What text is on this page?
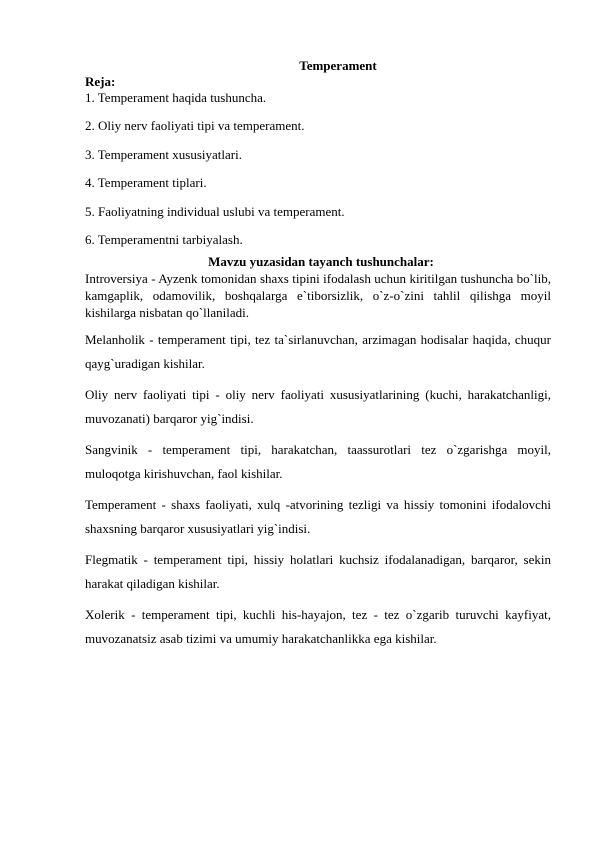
Temperament

Reja:

1. Temperament haqida tushuncha.
2. Oliy nerv faoliyati tipi va temperament.
3. Temperament xususiyatlari.
4. Temperament tiplari.
5. Faoliyatning individual uslubi va temperament.
6. Temperamentni tarbiyalash.
Mavzu yuzasidan tayanch tushunchalar:

Introversiya - Ayzenk tomonidan shaxs tipini ifodalash uchun kiritilgan tushuncha bo`lib, kamgaplik, odamovilik, boshqalarga e`tiborsizlik, o`z-o`zini tahlil qilishga moyil kishilarga nisbatan qo`llaniladi.

Melanholik - temperament tipi, tez ta`sirlanuvchan, arzimagan hodisalar haqida, chuqur qayg`uradigan kishilar.

Oliy nerv faoliyati tipi - oliy nerv faoliyati xususiyatlarining (kuchi, harakatchanligi, muvozanati) barqaror yig`indisi.

Sangvinik - temperament tipi, harakatchan, taassurotlari tez o`zgarishga moyil, muloqotga kirishuvchan, faol kishilar.

Temperament - shaxs faoliyati, xulq -atvorining tezligi va hissiy tomonini ifodalovchi shaxsning barqaror xususiyatlari yig`indisi.

Flegmatik - temperament tipi, hissiy holatlari kuchsiz ifodalanadigan, barqaror, sekin harakat qiladigan kishilar.

Xolerik - temperament tipi, kuchli his-hayajon, tez - tez o`zgarib turuvchi kayfiyat, muvozanatsiz asab tizimi va umumiy harakatchanlikka ega kishilar.
